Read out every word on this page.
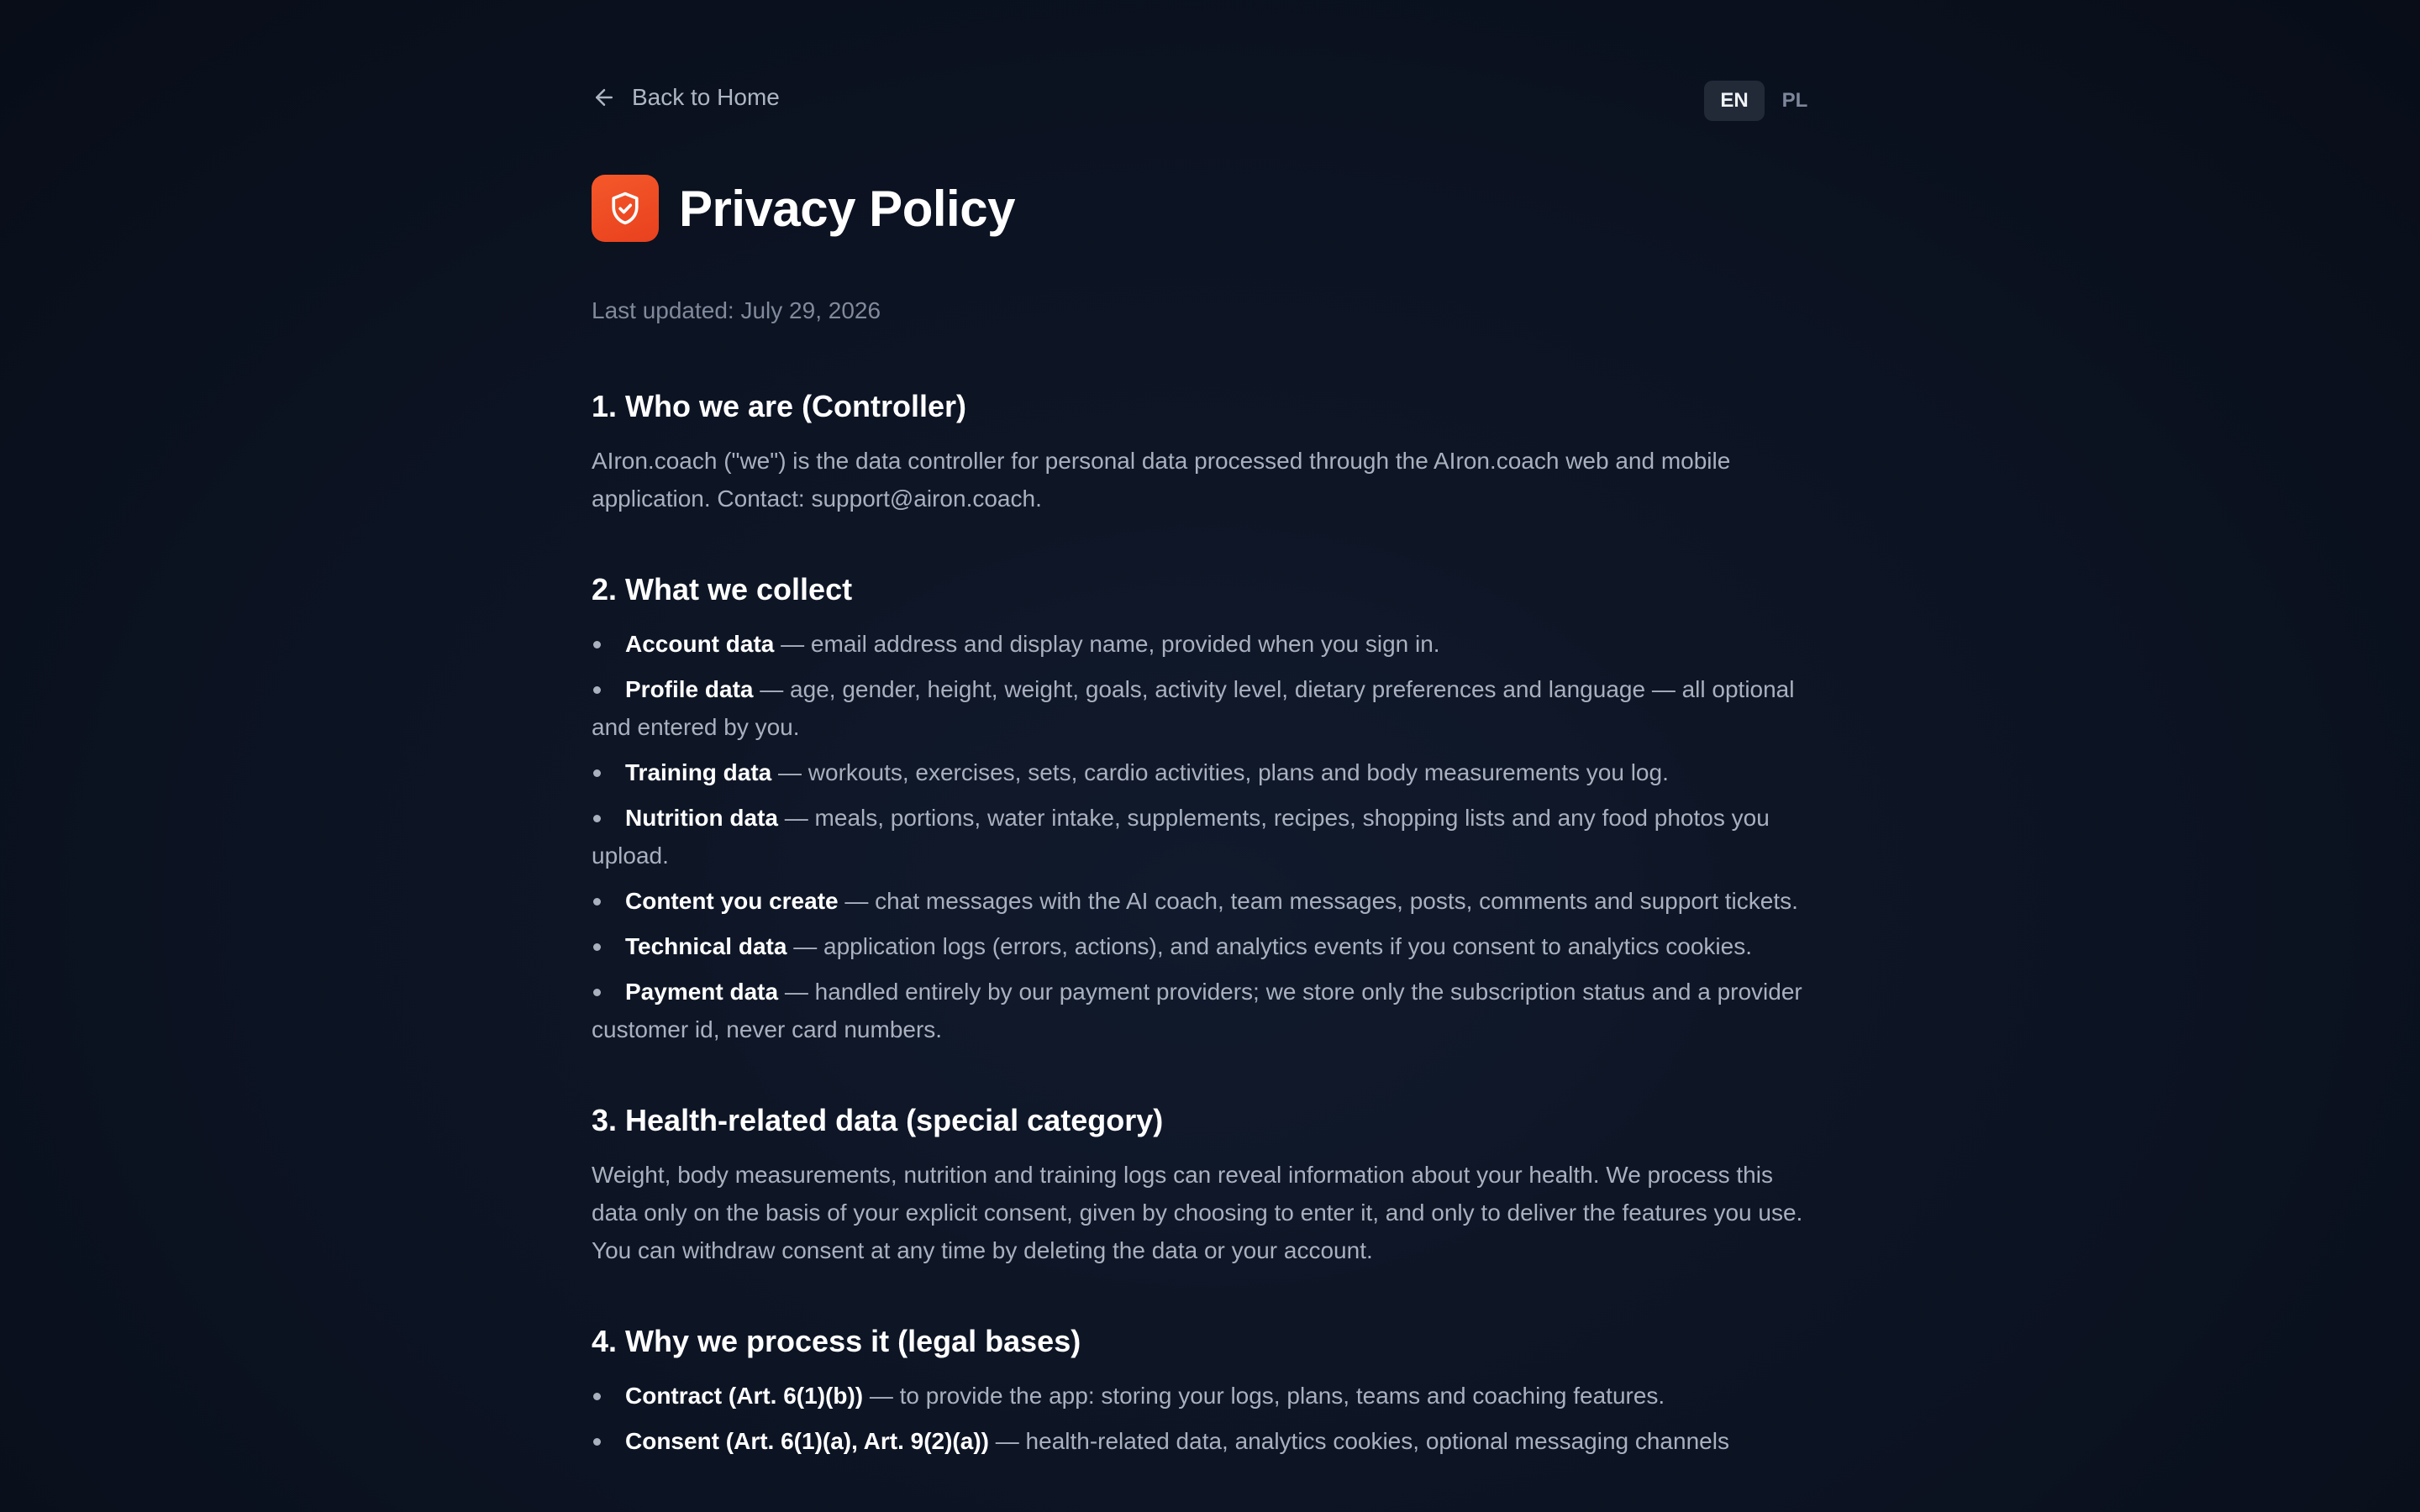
Back to Home	EN	PL
Privacy Policy
Last updated: July 29, 2026
1. Who we are (Controller)

AIron.coach ("we") is the data controller for personal data processed through the AIron.coach web and mobile application. Contact: support@airon.coach.

2. What we collect
Account data — email address and display name, provided when you sign in.
Profile data — age, gender, height, weight, goals, activity level, dietary preferences and language — all optional and entered by you.
Training data — workouts, exercises, sets, cardio activities, plans and body measurements you log.
Nutrition data — meals, portions, water intake, supplements, recipes, shopping lists and any food photos you upload.
Content you create — chat messages with the AI coach, team messages, posts, comments and support tickets.
Technical data — application logs (errors, actions), and analytics events if you consent to analytics cookies.
Payment data — handled entirely by our payment providers; we store only the subscription status and a provider customer id, never card numbers.
3. Health-related data (special category)

Weight, body measurements, nutrition and training logs can reveal information about your health. We process this data only on the basis of your explicit consent, given by choosing to enter it, and only to deliver the features you use. You can withdraw consent at any time by deleting the data or your account.

4. Why we process it (legal bases)
Contract (Art. 6(1)(b)) — to provide the app: storing your logs, plans, teams and coaching features.
Consent (Art. 6(1)(a), Art. 9(2)(a)) — health-related data, analytics cookies, optional messaging channels
